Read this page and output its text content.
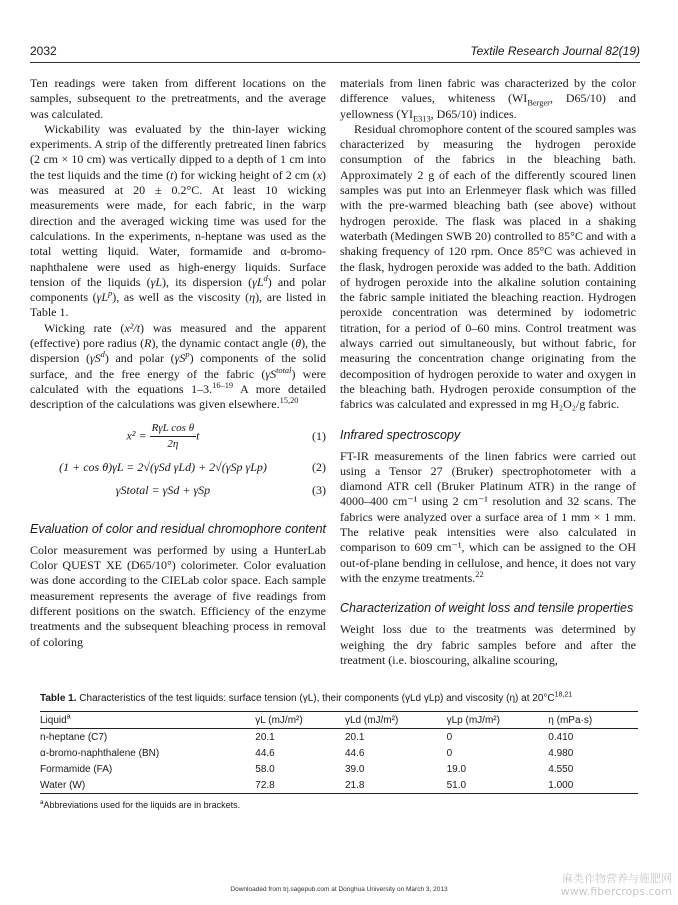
2032	Textile Research Journal 82(19)

Ten readings were taken from different locations on the samples, subsequent to the pretreatments, and the average was calculated.

Wickability was evaluated by the thin-layer wicking experiments. A strip of the differently pretreated linen fabrics (2 cm × 10 cm) was vertically dipped to a depth of 1 cm into the test liquids and the time (t) for wicking height of 2 cm (x) was measured at 20 ± 0.2°C. At least 10 wicking measurements were made, for each fabric, in the warp direction and the averaged wicking time was used for the calculations. In the experiments, n-heptane was used as the total wetting liquid. Water, formamide and α-bromo-naphthalene were used as high-energy liquids. Surface tension of the liquids (γL), its dispersion $(\gamma L^d)$ and polar components $(\gamma L^p)$, as well as the viscosity (η), are listed in Table 1.

Wicking rate (x²/t) was measured and the apparent (effective) pore radius (R), the dynamic contact angle (θ), the dispersion $(\gamma S^d)$ and polar $(\gamma S^p)$ components of the solid surface, and the free energy of the fabric $(\gamma S^{total})$ were calculated with the equations 1–3.$^{16-19}$ A more detailed description of the calculations was given elsewhere.$^{15,20}$

$x^2 = \frac{\text{RγL cos θ}}{2\eta}$ t	(1)
(1 + cos θ)γL = 2√(γSd γLd) + 2√(γSp γLp)	(2)
γStotal = γSd + γSp	(3)
Evaluation of color and residual chromophore content

Color measurement was performed by using a HunterLab Color QUEST XE (D65/10°) colorimeter. Color evaluation was done according to the CIELab color space. Each sample measurement represents the average of five readings from different positions on the swatch. Efficiency of the enzyme treatments and the subsequent bleaching process in removal of coloring

materials from linen fabric was characterized by the color difference values, whiteness ($WI_{Berger}$, D65/10) and yellowness ($YI_{E313}$, D65/10) indices.

Residual chromophore content of the scoured samples was characterized by measuring the hydrogen peroxide consumption of the fabrics in the bleaching bath. Approximately 2 g of each of the differently scoured linen samples was put into an Erlenmeyer flask which was filled with the pre-warmed bleaching bath (see above) without hydrogen peroxide. The flask was placed in a shaking waterbath (Medingen SWB 20) controlled to 85°C and with a shaking frequency of 120 rpm. Once 85°C was achieved in the flask, hydrogen peroxide was added to the bath. Addition of hydrogen peroxide into the alkaline solution containing the fabric sample initiated the bleaching reaction. Hydrogen peroxide concentration was determined by iodometric titration, for a period of 0–60 mins. Control treatment was always carried out simultaneously, but without fabric, for measuring the concentration change originating from the decomposition of hydrogen peroxide to water and oxygen in the bleaching bath. Hydrogen peroxide consumption of the fabrics was calculated and expressed in mg H₂O₂/g fabric.

Infrared spectroscopy

FT-IR measurements of the linen fabrics were carried out using a Tensor 27 (Bruker) spectrophotometer with a diamond ATR cell (Bruker Platinum ATR) in the range of 4000–400 cm⁻¹ using 2 cm⁻¹ resolution and 32 scans. The fabrics were analyzed over a surface area of 1 mm × 1 mm. The relative peak intensities were also calculated in comparison to 609 cm⁻¹, which can be assigned to the OH out-of-plane bending in cellulose, and hence, it does not vary with the enzyme treatments.$^{22}$

Characterization of weight loss and tensile properties

Weight loss due to the treatments was determined by weighing the dry fabric samples before and after the treatment (i.e. bioscouring, alkaline scouring,

Table 1. Characteristics of the test liquids: surface tension (γL), their components (γLd γLp) and viscosity (η) at $20^\circ C^{18,21}$
Liquid$^a$	γL (mJ/m²)	γLd (mJ/m²)	γLp (mJ/m²)	η (mPa·s)
n-heptane (C7)	20.1	20.1	0	0.410
α-bromo-naphthalene (BN)	44.6	44.6	0	4.980
Formamide (FA)	58.0	39.0	19.0	4.550
Water (W)	72.8	21.8	51.0	1.000
$^a$Abbreviations used for the liquids are in brackets.
Downloaded from trj.sagepub.com at Donghua University on March 3, 2013
麻类作物营养与施肥网
www.fibercrops.com
